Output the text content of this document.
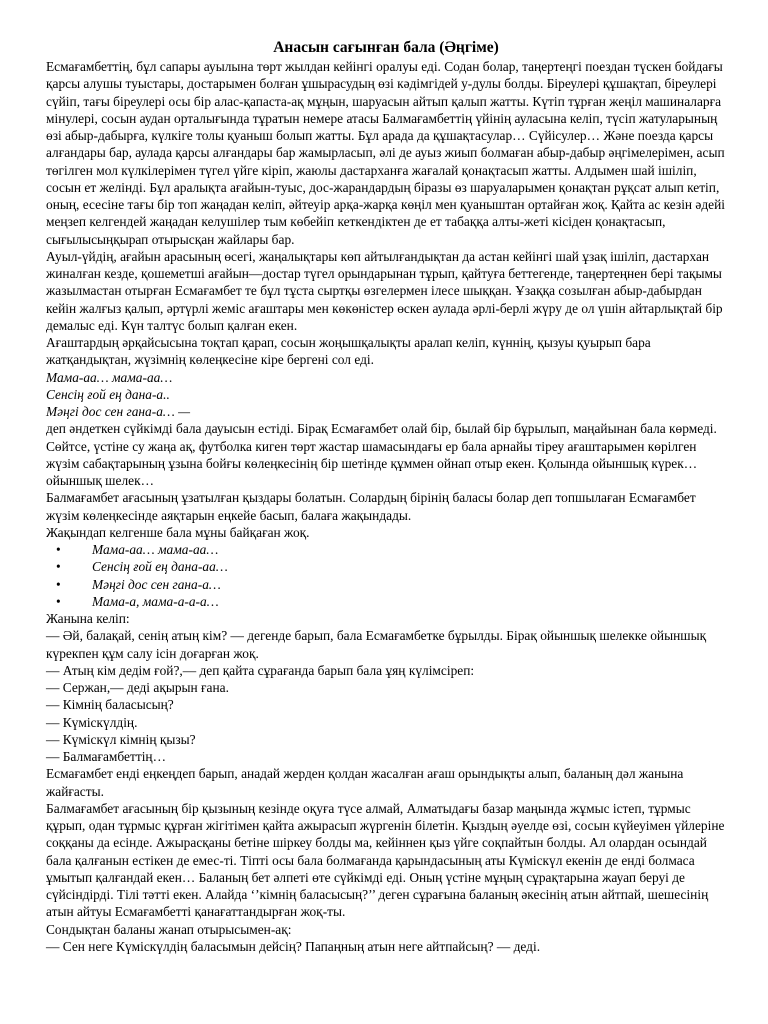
Анасын сағынған бала (Әңгіме)

Есмағамбеттің, бұл сапары ауылына төрт жылдан кейінгі оралуы еді. Содан болар, таңертеңгі поездан түскен бойдағы қарсы алушы туыстары, достарымен болған ұшырасудың өзі кәдімгідей у-дулы болды. Біреулері құшақтап, біреулері сүйіп, тағы біреулері осы бір алас-қапаста-ақ мұңын, шаруасын айтып қалып жатты. Күтіп тұрған жеңіл машиналарға мінулері, сосын аудан орталығында тұратын немере атасы Балмағамбеттің үйінің ауласына келіп, түсіп жатуларының өзі абыр-дабырға, күлкіге толы қуаныш болып жатты. Бұл арада да құшақтасулар… Сүйісулер… Және поезда қарсы алғандары бар, аулада қарсы алғандары бар жамырласып, әлі де ауыз жиып болмаған абыр-дабыр әңгімелерімен, асып төгілген мол күлкілерімен түгел үйге кіріп, жаюлы дастарханға жағалай қонақтасып жатты. Алдымен шай ішіліп, сосын ет желінді. Бұл аралықта ағайын-туыс, дос-жарандардың біразы өз шаруаларымен қонақтан рұқсат алып кетіп, оның, есесіне тағы бір топ жаңадан келіп, әйтеуір арқа-жарқа көңіл мен қуаныштан ортайған жоқ. Қайта ас кезін әдейі меңзеп келгендей жаңадан келушілер тым көбейіп кеткендіктен де ет табаққа алты-жеті кісіден қонақтасып, сығылысыңқырап отырысқан жайлары бар.

Ауыл-үйдің, ағайын арасының өсегі, жаңалықтары көп айтылғандықтан да астан кейінгі шай ұзақ ішіліп, дастархан жиналған кезде, қошеметші ағайын—достар түгел орындарынан тұрып, қайтуға беттегенде, таңертеңнен бері тақымы жазылмастан отырған Есмағамбет те бұл тұста сыртқы өзгелермен ілесе шыққан. Ұзаққа созылған абыр-дабырдан кейін жалғыз қалып, әртүрлі жеміс ағаштары мен көкөністер өскен аулада әрлі-берлі жүру де ол үшін айтарлықтай бір демалыс еді. Күн талтүс болып қалған екен.

Ағаштардың әрқайсысына тоқтап қарап, сосын жоңышқалықты аралап келіп, күннің, қызуы қуырып бара жатқандықтан, жүзімнің көлеңкесіне кіре бергені сол еді.

Мама-аа… мама-аа…

Сенсің ғой ең дана-а..

Мәңгі дос сен гана-а… —

деп әндеткен сүйкімді бала дауысын естіді. Бірақ Есмағамбет олай бір, былай бір бұрылып, маңайынан бала көрмеді. Сөйтсе, үстіне су жаңа ақ, футболка киген төрт жастар шамасындағы ер бала арнайы тіреу ағаштарымен көрілген жүзім сабақтарының ұзына бойғы көлеңкесінің бір шетінде құммен ойнап отыр екен. Қолында ойыншық күрек… ойыншық шелек…

Балмағамбет ағасының ұзатылған қыздары болатын. Солардың бірінің баласы болар деп топшылаған Есмағамбет жүзім көлеңкесінде аяқтарын еңкейе басып, балаға жақындады.

Жақындап келгенше бала мұны байқаған жоқ.

• Мама-аа… мама-аа…
• Сенсің ғой ең дана-аа…
• Мәңгі дос сен гана-а…
• Мама-а, мама-а-а-а…

Жанына келіп:

— Әй, балақай, сенің атың кім? — дегенде барып, бала Есмағамбетке бұрылды. Бірақ ойыншық шелекке ойыншық күрекпен құм салу ісін доғарған жоқ.

— Атың кім дедім ғой?,— деп қайта сұрағанда барып бала ұяң күлімсіреп:

— Сержан,— деді ақырын ғана.

— Кімнің баласысың?

— Күміскүлдің.

— Күміскүл кімнің қызы?

— Балмағамбеттің…

Есмағамбет енді еңкеңдеп барып, анадай жерден қолдан жасалған ағаш орындықты алып, баланың дәл жанына жайғасты.

Балмағамбет ағасының бір қызының кезінде оқуға түсе алмай, Алматыдағы базар маңында жұмыс істеп, тұрмыс құрып, одан тұрмыс құрған жігітімен қайта ажырасып жүргенін білетін. Қыздың әуелде өзі, сосын күйеуімен үйлеріне соққаны да есінде. Ажырасқаны бетіне шіркеу болды ма, кейіннен қыз үйге соқпайтын болды. Ал олардан осындай бала қалғанын естікен де емес-ті. Тіпті осы бала болмағанда қарындасының аты Күміскүл екенін де енді болмаса ұмытып қалғандай екен… Баланың бет әлпеті өте сүйкімді еді. Оның үстіне мұңың сұрақтарына жауап беруі де сүйсіндірді. Тілі тәтті екен. Алайда ‘’кімнің баласысың?’’ деген сұрағына баланың әкесінің атын айтпай, шешесінің атын айтуы Есмағамбетті қанағаттандырған жоқ-ты.

Сондықтан баланы жанап отырысымен-ақ:

— Сен неге Күміскүлдің баласымын дейсің? Папаңның атын неге айтпайсың? — деді.
